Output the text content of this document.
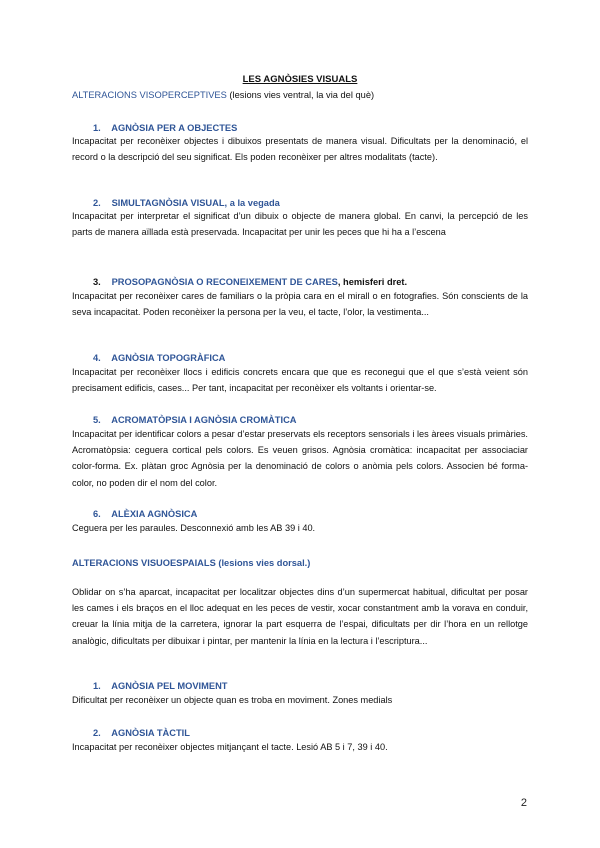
LES AGNÒSIES VISUALS
ALTERACIONS VISOPERCEPTIVES (lesions vies ventral, la via del què)
1. AGNÒSIA PER A OBJECTES
Incapacitat per reconèixer objectes i dibuixos presentats de manera visual. Dificultats per la denominació, el record o la descripció del seu significat. Els poden reconèixer per altres modalitats (tacte).
2. SIMULTAGNÒSIA VISUAL, a la vegada
Incapacitat per interpretar el significat d’un dibuix o objecte de manera global. En canvi, la percepció de les parts de manera aïllada està preservada. Incapacitat per unir les peces que hi ha a l’escena
3. PROSOPAGNÒSIA O RECONEIXEMENT DE CARES, hemisferi dret.
Incapacitat per reconèixer cares de familiars o la pròpia cara en el mirall o en fotografies. Són conscients de la seva incapacitat. Poden reconèixer la persona per la veu, el tacte, l’olor, la vestimenta...
4. AGNÒSIA TOPOGRÀFICA
Incapacitat per reconèixer llocs i edificis concrets encara que que es reconegui que el que s’està veient són precisament edificis, cases... Per tant, incapacitat per reconèixer els voltants i orientar-se.
5. ACROMATÒPSIA I AGNÒSIA CROMÀTICA
Incapacitat per identificar colors a pesar d’estar preservats els receptors sensorials i les àrees visuals primàries. Acromatòpsia: ceguera cortical pels colors. Es veuen grisos. Agnòsia cromàtica: incapacitat per associaciar color-forma. Ex. plàtan groc Agnòsia per la denominació de colors o anòmia pels colors. Associen bé forma-color, no poden dir el nom del color.
6. ALÈXIA AGNÒSICA
Ceguera per les paraules. Desconnexió amb les AB 39 i 40.
ALTERACIONS VISUOESPAIALS (lesions vies dorsal.)
Oblidar on s’ha aparcat, incapacitat per localitzar objectes dins d’un supermercat habitual, dificultat per posar les cames i els braços en el lloc adequat en les peces de vestir, xocar constantment amb la vorava en conduir, creuar la línia mitja de la carretera, ignorar la part esquerra de l’espai, dificultats per dir l’hora en un rellotge analògic, dificultats per dibuixar i pintar, per mantenir la línia en la lectura i l’escriptura...
1. AGNÒSIA PEL MOVIMENT
Dificultat per reconèixer un objecte quan es troba en moviment. Zones medials
2. AGNÒSIA TÀCTIL
Incapacitat per reconèixer objectes mitjançant el tacte. Lesió AB 5 i 7, 39 i 40.
2
